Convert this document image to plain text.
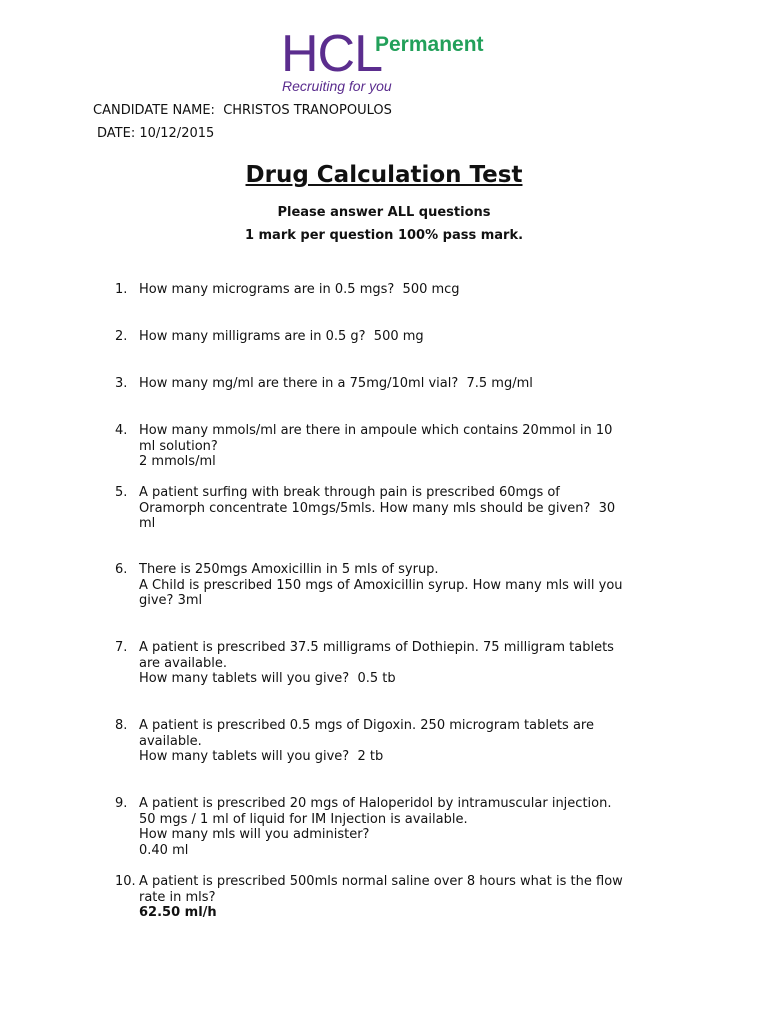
HCL
Permanent
Recruiting for you
CANDIDATE NAME: CHRISTOS TRANOPOULOS
DATE: 10/12/2015
Drug Calculation Test
Please answer ALL questions
1 mark per question 100% pass mark.
1. How many micrograms are in 0.5 mgs?  500 mcg
2. How many milligrams are in 0.5 g?  500 mg
3. How many mg/ml are there in a 75mg/10ml vial?  7.5 mg/ml
4. How many mmols/ml are there in ampoule which contains 20mmol in 10
ml solution?
2 mmols/ml
5. A patient surfing with break through pain is prescribed 60mgs of
Oramorph concentrate 10mgs/5mls. How many mls should be given?  30
ml
6. There is 250mgs Amoxicillin in 5 mls of syrup.
A Child is prescribed 150 mgs of Amoxicillin syrup. How many mls will you
give? 3ml
7. A patient is prescribed 37.5 milligrams of Dothiepin. 75 milligram tablets
are available.
How many tablets will you give?  0.5 tb
8. A patient is prescribed 0.5 mgs of Digoxin. 250 microgram tablets are
available.
How many tablets will you give?  2 tb
9. A patient is prescribed 20 mgs of Haloperidol by intramuscular injection.
50 mgs / 1 ml of liquid for IM Injection is available.
How many mls will you administer?
0.40 ml
10. A patient is prescribed 500mls normal saline over 8 hours what is the flow
rate in mls?
62.50 ml/h
